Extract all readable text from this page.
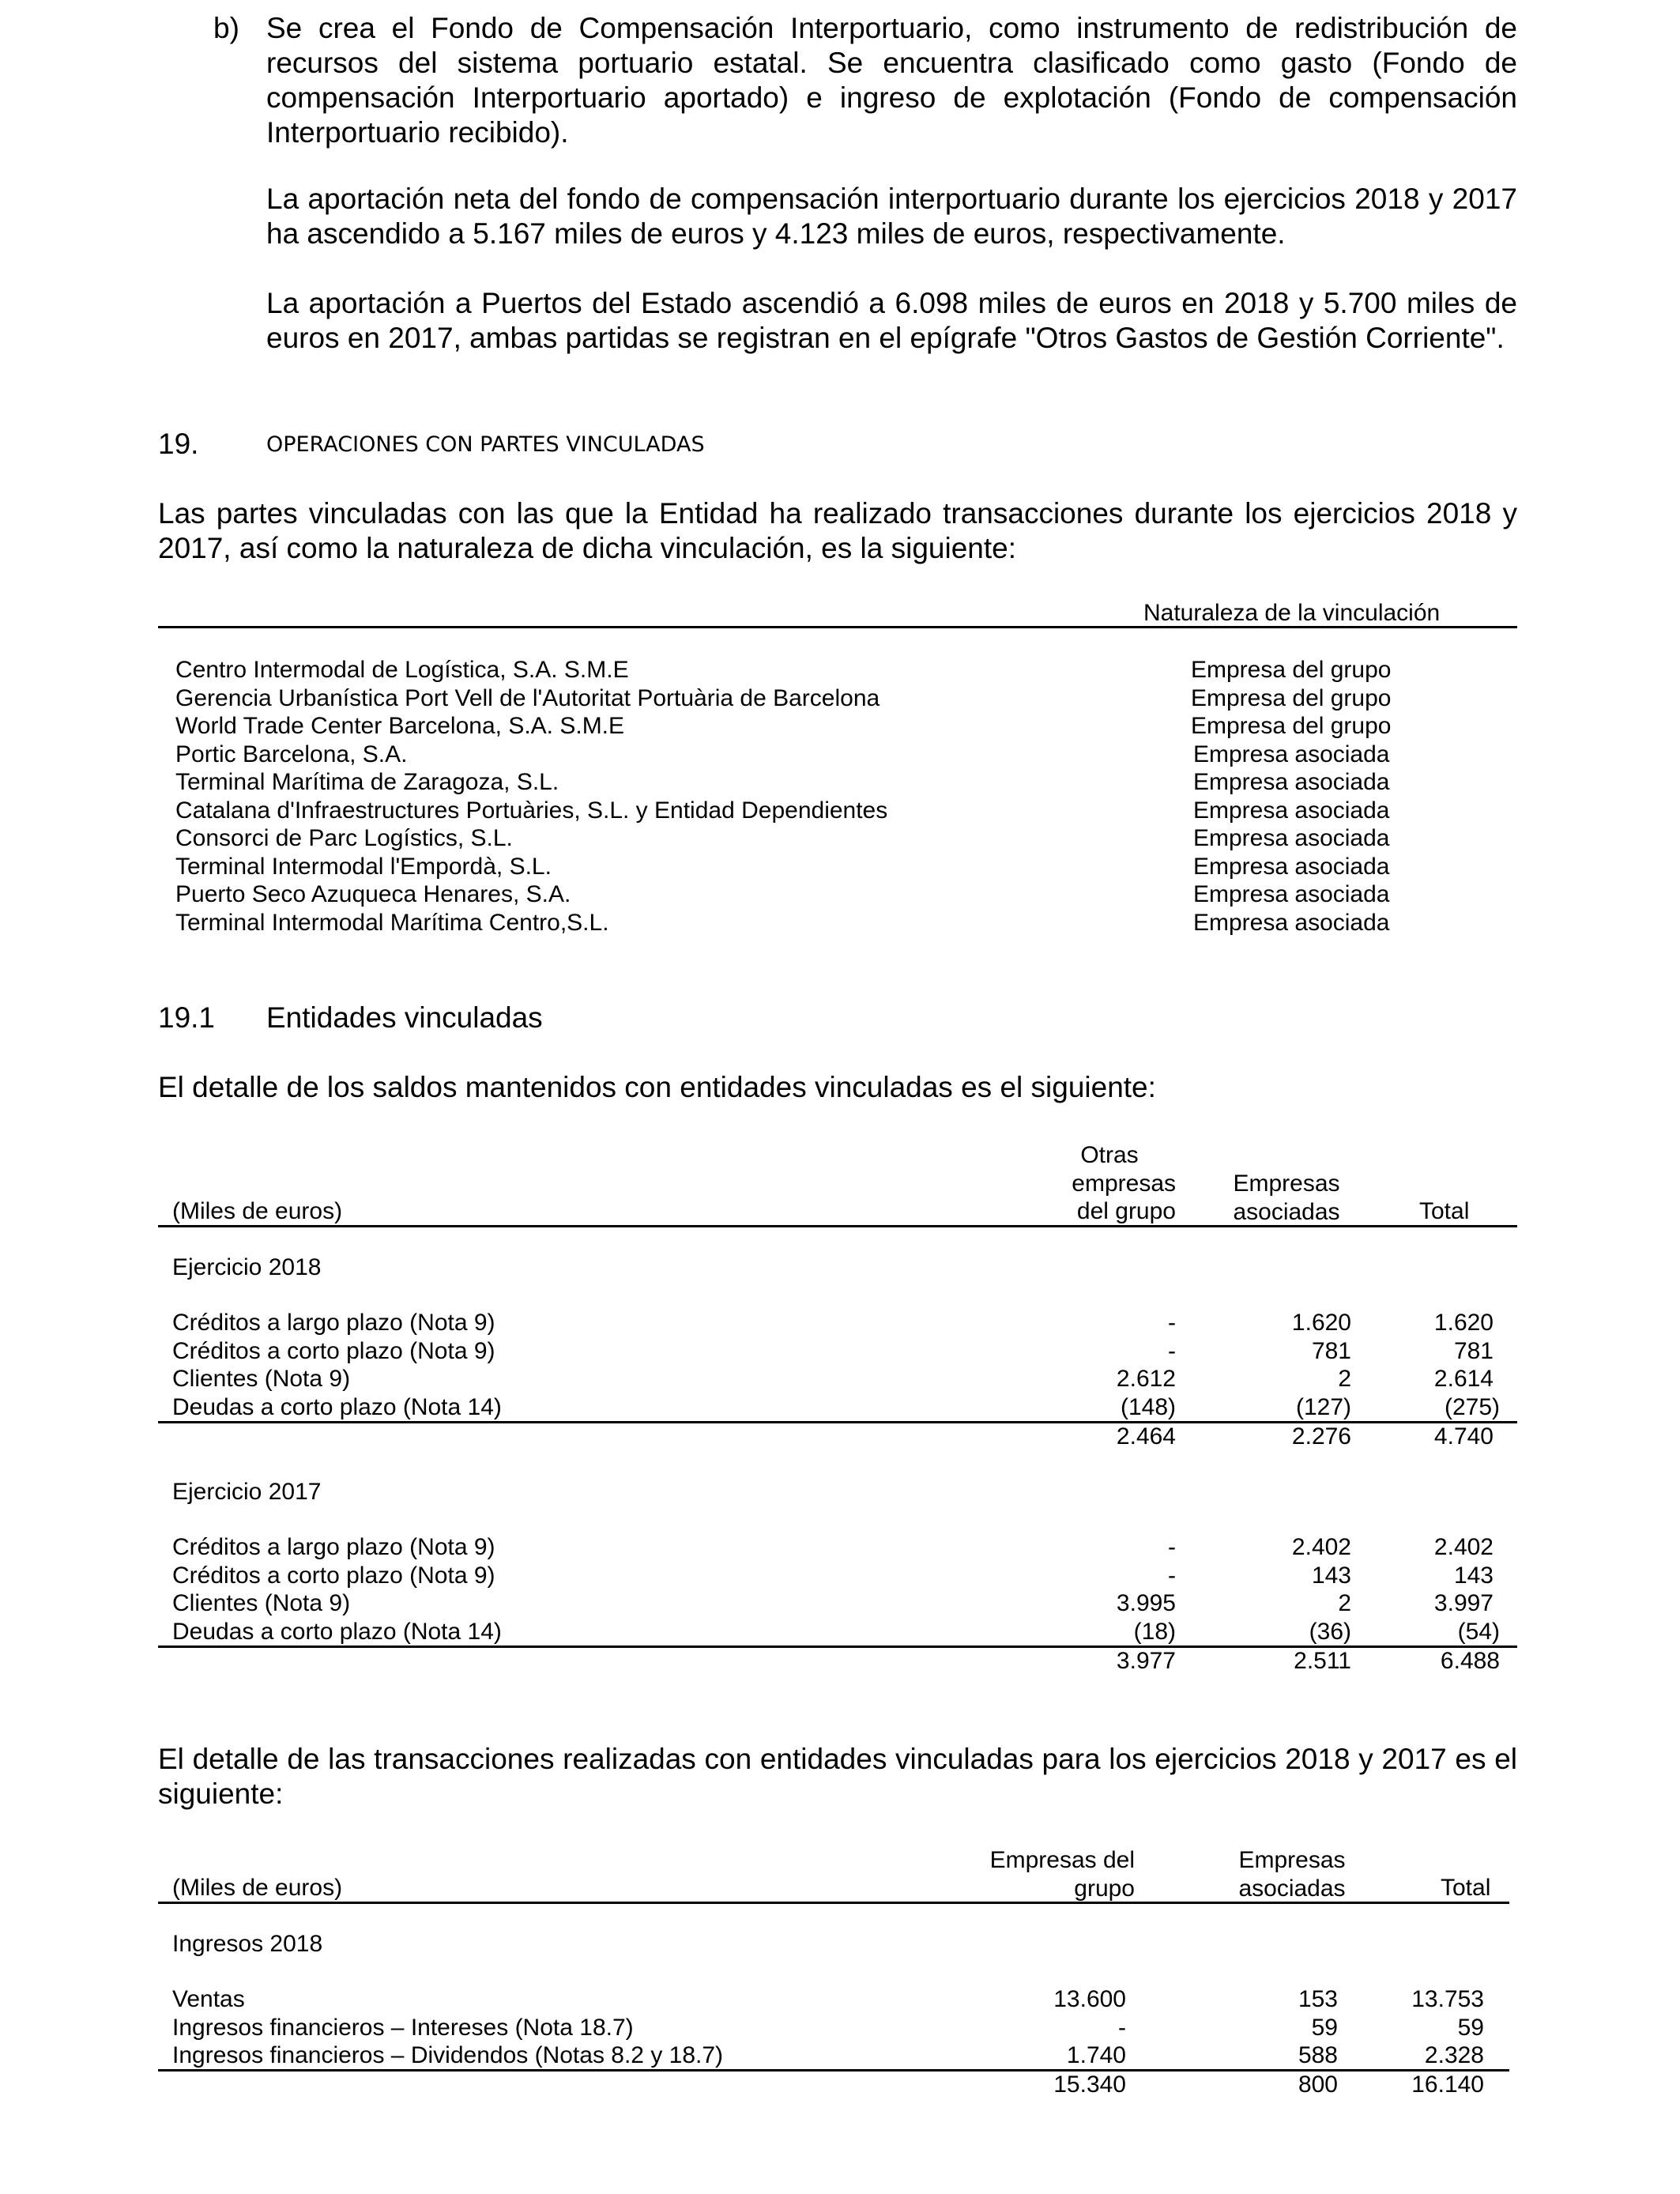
b) Se crea el Fondo de Compensación Interportuario, como instrumento de redistribución de recursos del sistema portuario estatal. Se encuentra clasificado como gasto (Fondo de compensación Interportuario aportado) e ingreso de explotación (Fondo de compensación Interportuario recibido).
La aportación neta del fondo de compensación interportuario durante los ejercicios 2018 y 2017 ha ascendido a 5.167 miles de euros y 4.123 miles de euros, respectivamente.
La aportación a Puertos del Estado ascendió a 6.098 miles de euros en 2018 y 5.700 miles de euros en 2017, ambas partidas se registran en el epígrafe "Otros Gastos de Gestión Corriente".
19.	OPERACIONES CON PARTES VINCULADAS
Las partes vinculadas con las que la Entidad ha realizado transacciones durante los ejercicios 2018 y 2017, así como la naturaleza de dicha vinculación, es la siguiente:
Naturaleza de la vinculación
Centro Intermodal de Logística, S.A. S.M.E	Empresa del grupo
Gerencia Urbanística Port Vell de l'Autoritat Portuària de Barcelona	Empresa del grupo
World Trade Center Barcelona, S.A. S.M.E	Empresa del grupo
Portic Barcelona, S.A.	Empresa asociada
Terminal Marítima de Zaragoza, S.L.	Empresa asociada
Catalana d'Infraestructures Portuàries, S.L. y Entidad Dependientes	Empresa asociada
Consorci de Parc Logístics, S.L.	Empresa asociada
Terminal Intermodal l'Empordà, S.L.	Empresa asociada
Puerto Seco Azuqueca Henares, S.A.	Empresa asociada
Terminal Intermodal Marítima Centro,S.L.	Empresa asociada
19.1 Entidades vinculadas
El detalle de los saldos mantenidos con entidades vinculadas es el siguiente:
Otras
empresas
del grupo
Empresas
asociadas	Total
(Miles de euros)
Ejercicio 2018
Créditos a largo plazo (Nota 9)	-	1.620	1.620
Créditos a corto plazo (Nota 9)	-	781	781
Clientes (Nota 9)	2.612	2	2.614
Deudas a corto plazo (Nota 14)	(148)	(127)	(275)
2.464	2.276	4.740
Ejercicio 2017
Créditos a largo plazo (Nota 9)	-	2.402	2.402
Créditos a corto plazo (Nota 9)	-	143	143
Clientes (Nota 9)	3.995	2	3.997
Deudas a corto plazo (Nota 14)	(18)	(36)	(54)
3.977	2.511	6.488
El detalle de las transacciones realizadas con entidades vinculadas para los ejercicios 2018 y 2017 es el siguiente:
Empresas del
grupo
Empresas
asociadas	Total
(Miles de euros)
Ingresos 2018
Ventas	13.600	153	13.753
Ingresos financieros – Intereses (Nota 18.7)	-	59	59
Ingresos financieros – Dividendos (Notas 8.2 y 18.7)	1.740	588	2.328
15.340	800	16.140
